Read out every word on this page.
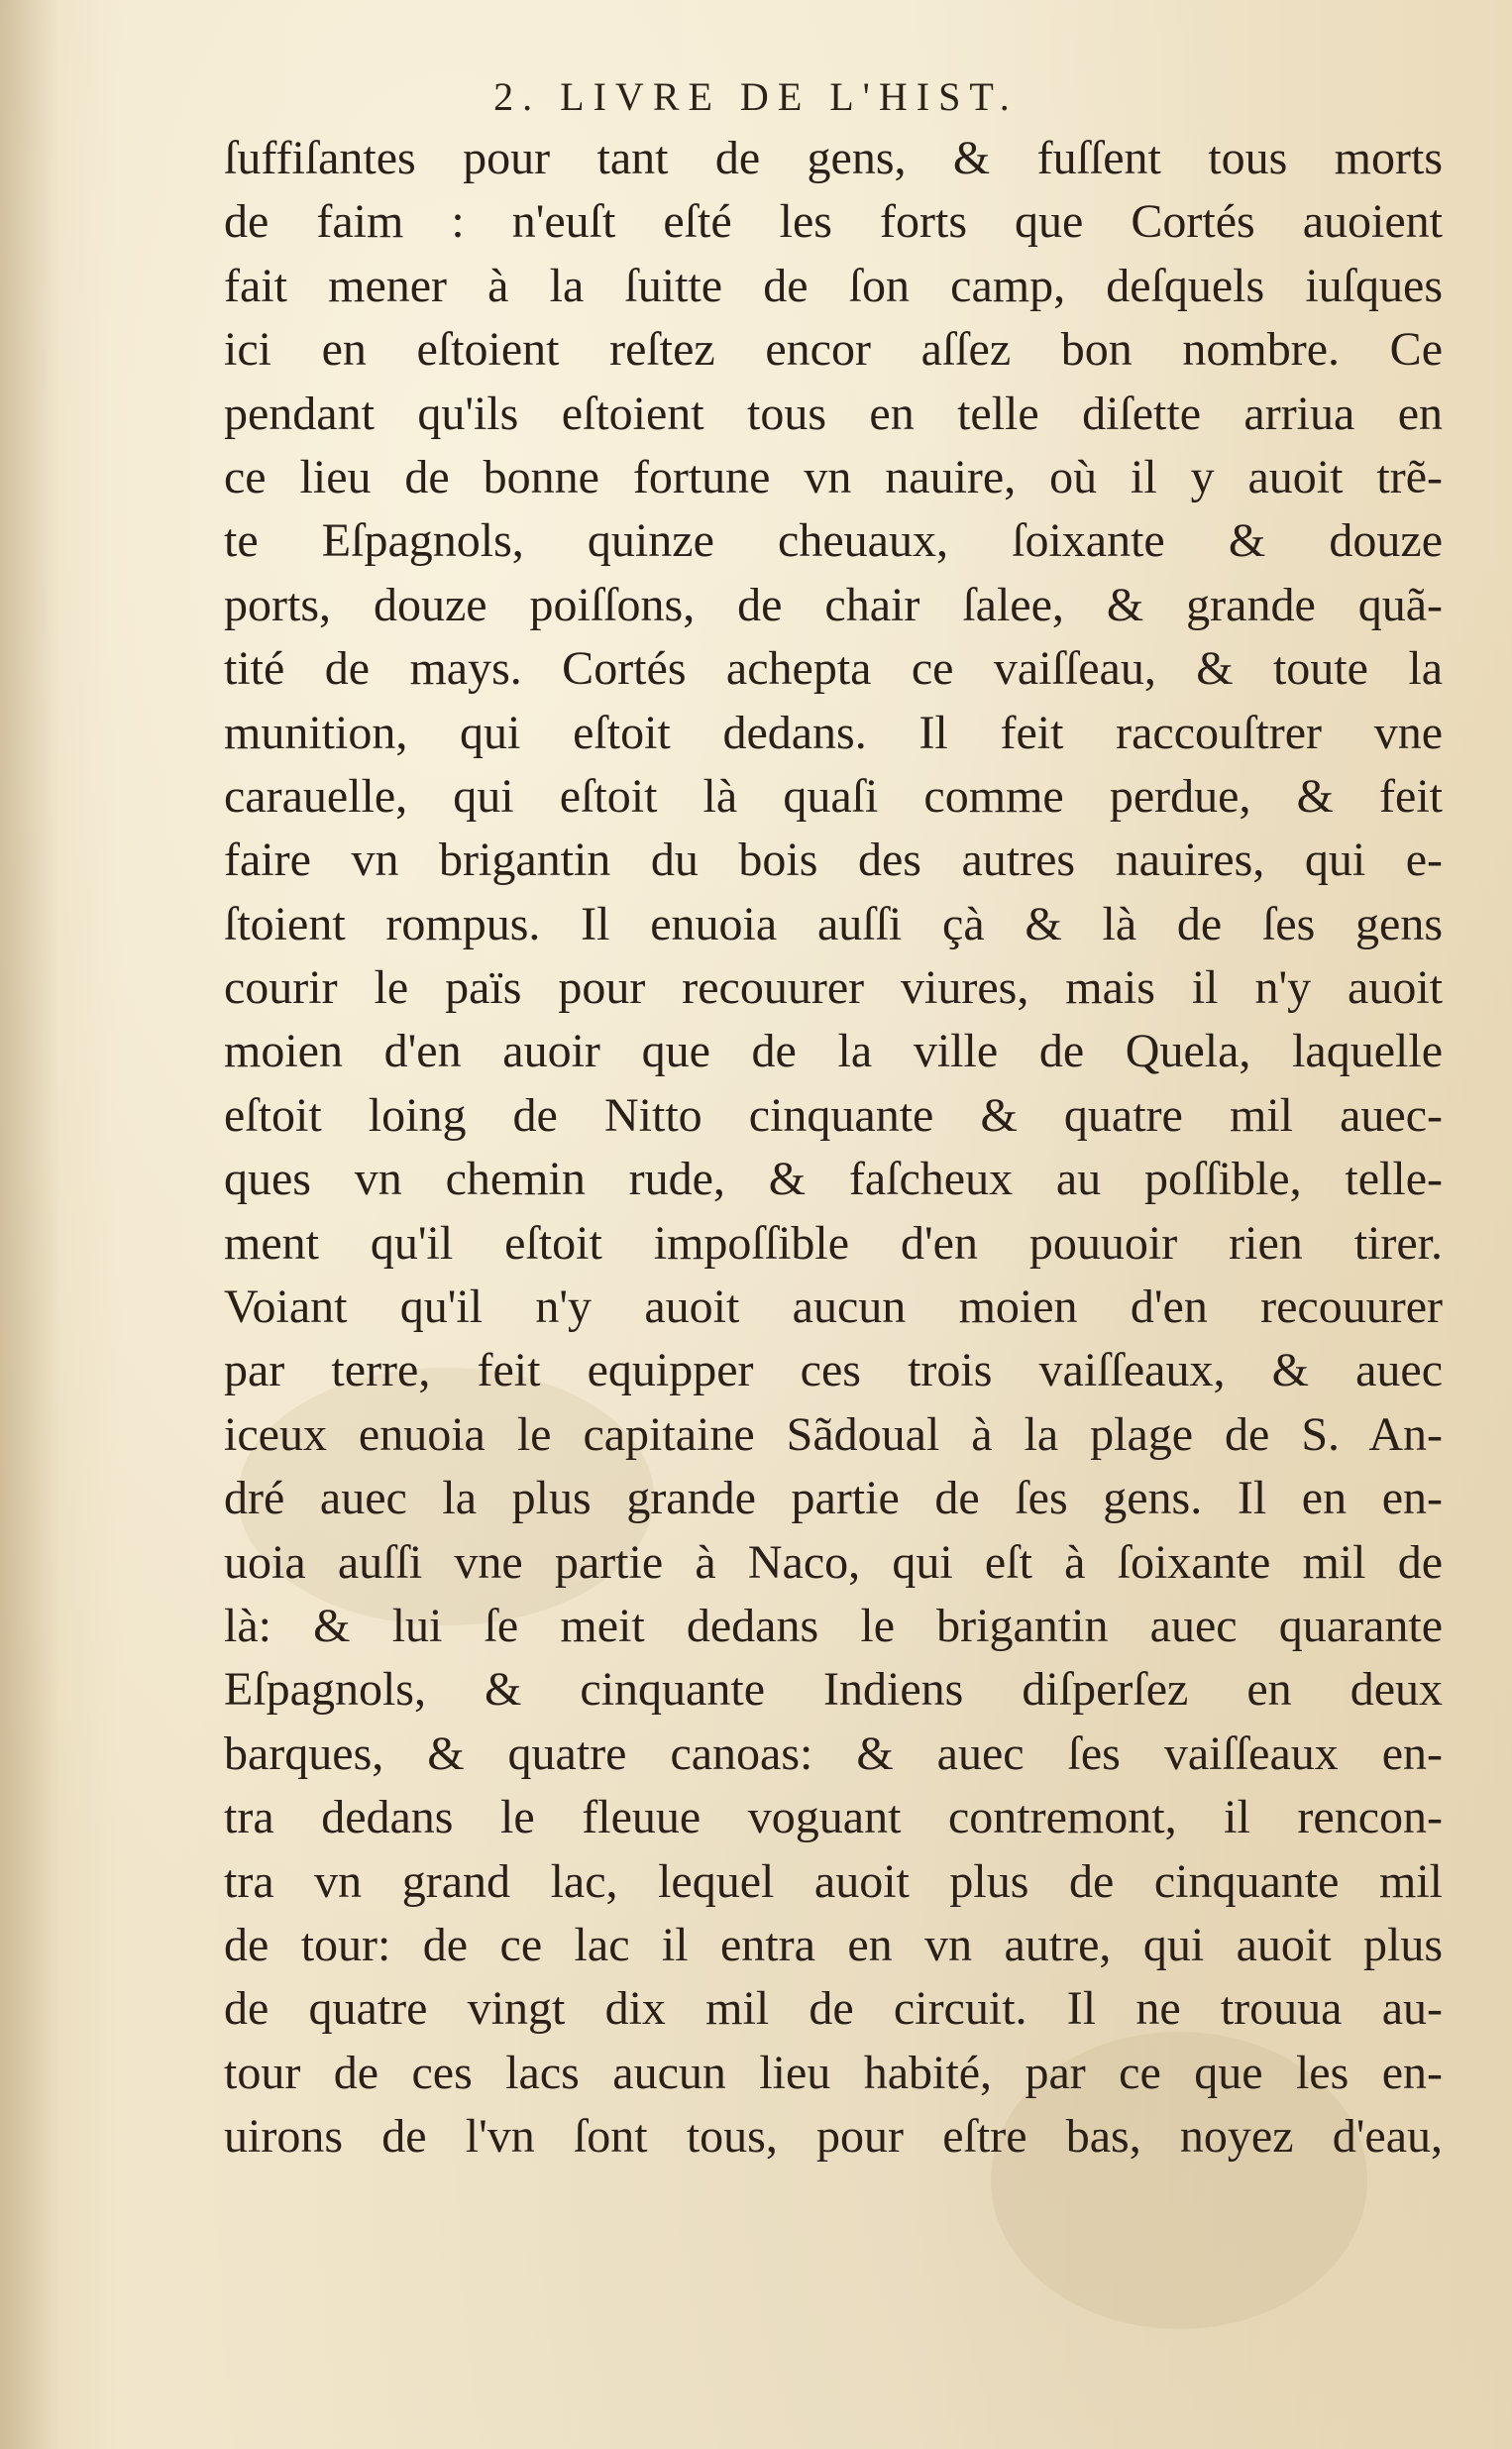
2. LIVRE DE L'HIST.
ſuffiſantes pour tant de gens, & fuſſent tous morts
de faim : n'euſt eſté les forts que Cortés auoient
fait mener à la ſuitte de ſon camp, deſquels iuſques
ici en eſtoient reſtez encor aſſez bon nombre. Ce
pendant qu'ils eſtoient tous en telle diſette arriua en
ce lieu de bonne fortune vn nauire, où il y auoit trẽ-
te Eſpagnols, quinze cheuaux, ſoixante & douze
ports, douze poiſſons, de chair ſalee, & grande quã-
tité de mays. Cortés achepta ce vaiſſeau, & toute la
munition, qui eſtoit dedans. Il feit raccouſtrer vne
carauelle, qui eſtoit là quaſi comme perdue, & feit
faire vn brigantin du bois des autres nauires, qui e-
ſtoient rompus. Il enuoia auſſi çà & là de ſes gens
courir le païs pour recouurer viures, mais il n'y auoit
moien d'en auoir que de la ville de Quela, laquelle
eſtoit loing de Nitto cinquante & quatre mil auec-
ques vn chemin rude, & faſcheux au poſſible, telle-
ment qu'il eſtoit impoſſible d'en pouuoir rien tirer.
Voiant qu'il n'y auoit aucun moien d'en recouurer
par terre, feit equipper ces trois vaiſſeaux, & auec
iceux enuoia le capitaine Sãdoual à la plage de S. An-
dré auec la plus grande partie de ſes gens. Il en en-
uoia auſſi vne partie à Naco, qui eſt à ſoixante mil de
là: & lui ſe meit dedans le brigantin auec quarante
Eſpagnols, & cinquante Indiens diſperſez en deux
barques, & quatre canoas: & auec ſes vaiſſeaux en-
tra dedans le fleuue voguant contremont, il rencon-
tra vn grand lac, lequel auoit plus de cinquante mil
de tour: de ce lac il entra en vn autre, qui auoit plus
de quatre vingt dix mil de circuit. Il ne trouua au-
tour de ces lacs aucun lieu habité, par ce que les en-
uirons de l'vn ſont tous, pour eſtre bas, noyez d'eau,
